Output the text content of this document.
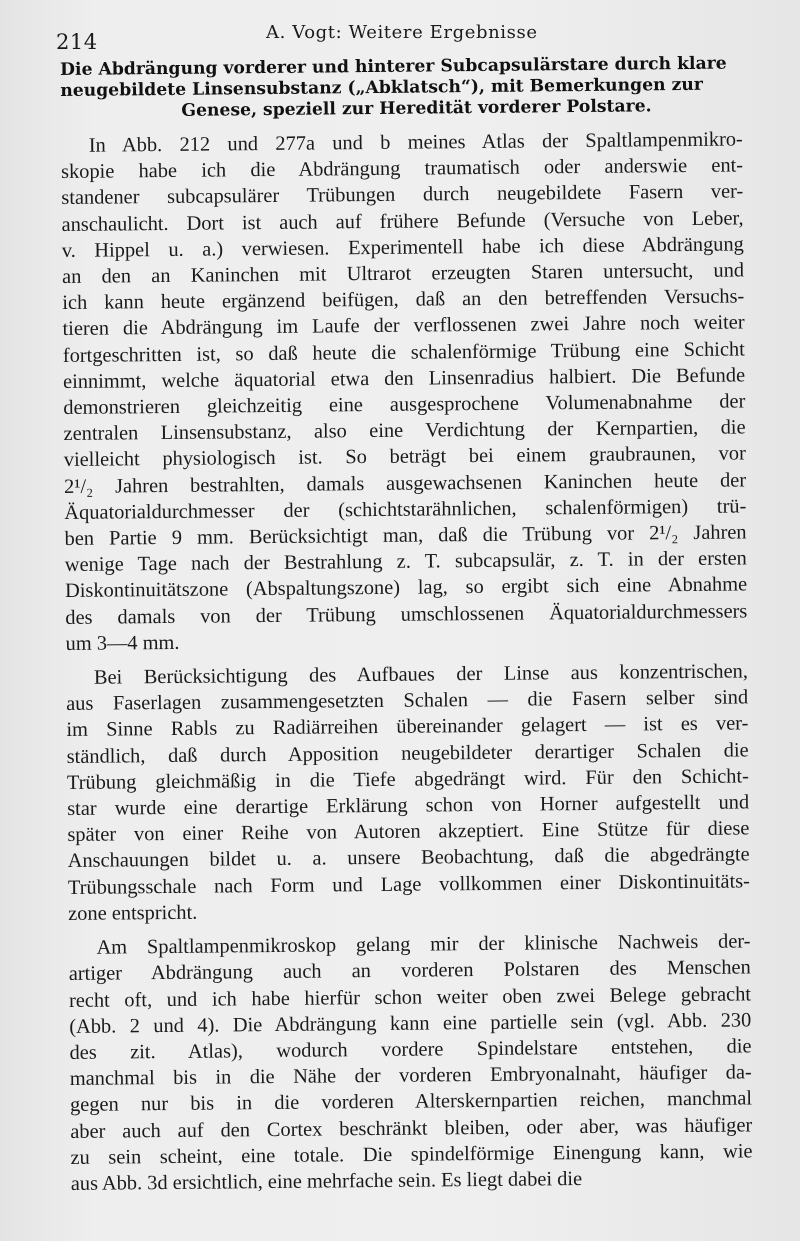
214	A. Vogt: Weitere Ergebnisse
Die Abdrängung vorderer und hinterer Subcapsulärstare durch klare
neugebildete Linsensubstanz („Abklatsch“), mit Bemerkungen zur
Genese, speziell zur Heredität vorderer Polstare.

In Abb. 212 und 277a und b meines Atlas der Spaltlampenmikro-
skopie habe ich die Abdrängung traumatisch oder anderswie ent-
standener subcapsulärer Trübungen durch neugebildete Fasern ver-
anschaulicht. Dort ist auch auf frühere Befunde (Versuche von Leber,
v. Hippel u. a.) verwiesen. Experimentell habe ich diese Abdrängung
an den an Kaninchen mit Ultrarot erzeugten Staren untersucht, und
ich kann heute ergänzend beifügen, daß an den betreffenden Versuchs-
tieren die Abdrängung im Laufe der verflossenen zwei Jahre noch weiter
fortgeschritten ist, so daß heute die schalenförmige Trübung eine Schicht
einnimmt, welche äquatorial etwa den Linsenradius halbiert. Die Befunde
demonstrieren gleichzeitig eine ausgesprochene Volumenabnahme der
zentralen Linsensubstanz, also eine Verdichtung der Kernpartien, die
vielleicht physiologisch ist. So beträgt bei einem graubraunen, vor
2¹/₂ Jahren bestrahlten, damals ausgewachsenen Kaninchen heute der
Äquatorialdurchmesser der (schichtstarähnlichen, schalenförmigen) trü-
ben Partie 9 mm. Berücksichtigt man, daß die Trübung vor 2¹/₂ Jahren
wenige Tage nach der Bestrahlung z. T. subcapsulär, z. T. in der ersten
Diskontinuitätszone (Abspaltungszone) lag, so ergibt sich eine Abnahme
des damals von der Trübung umschlossenen Äquatorialdurchmessers
um 3—4 mm.

Bei Berücksichtigung des Aufbaues der Linse aus konzentrischen,
aus Faserlagen zusammengesetzten Schalen — die Fasern selber sind
im Sinne Rabls zu Radiärreihen übereinander gelagert — ist es ver-
ständlich, daß durch Apposition neugebildeter derartiger Schalen die
Trübung gleichmäßig in die Tiefe abgedrängt wird. Für den Schicht-
star wurde eine derartige Erklärung schon von Horner aufgestellt und
später von einer Reihe von Autoren akzeptiert. Eine Stütze für diese
Anschauungen bildet u. a. unsere Beobachtung, daß die abgedrängte
Trübungsschale nach Form und Lage vollkommen einer Diskontinuitäts-
zone entspricht.

Am Spaltlampenmikroskop gelang mir der klinische Nachweis der-
artiger Abdrängung auch an vorderen Polstaren des Menschen
recht oft, und ich habe hierfür schon weiter oben zwei Belege gebracht
(Abb. 2 und 4). Die Abdrängung kann eine partielle sein (vgl. Abb. 230
des zit. Atlas), wodurch vordere Spindelstare entstehen, die
manchmal bis in die Nähe der vorderen Embryonalnaht, häufiger da-
gegen nur bis in die vorderen Alterskernpartien reichen, manchmal
aber auch auf den Cortex beschränkt bleiben, oder aber, was häufiger
zu sein scheint, eine totale. Die spindelförmige Einengung kann, wie
aus Abb. 3d ersichtlich, eine mehrfache sein. Es liegt dabei die
